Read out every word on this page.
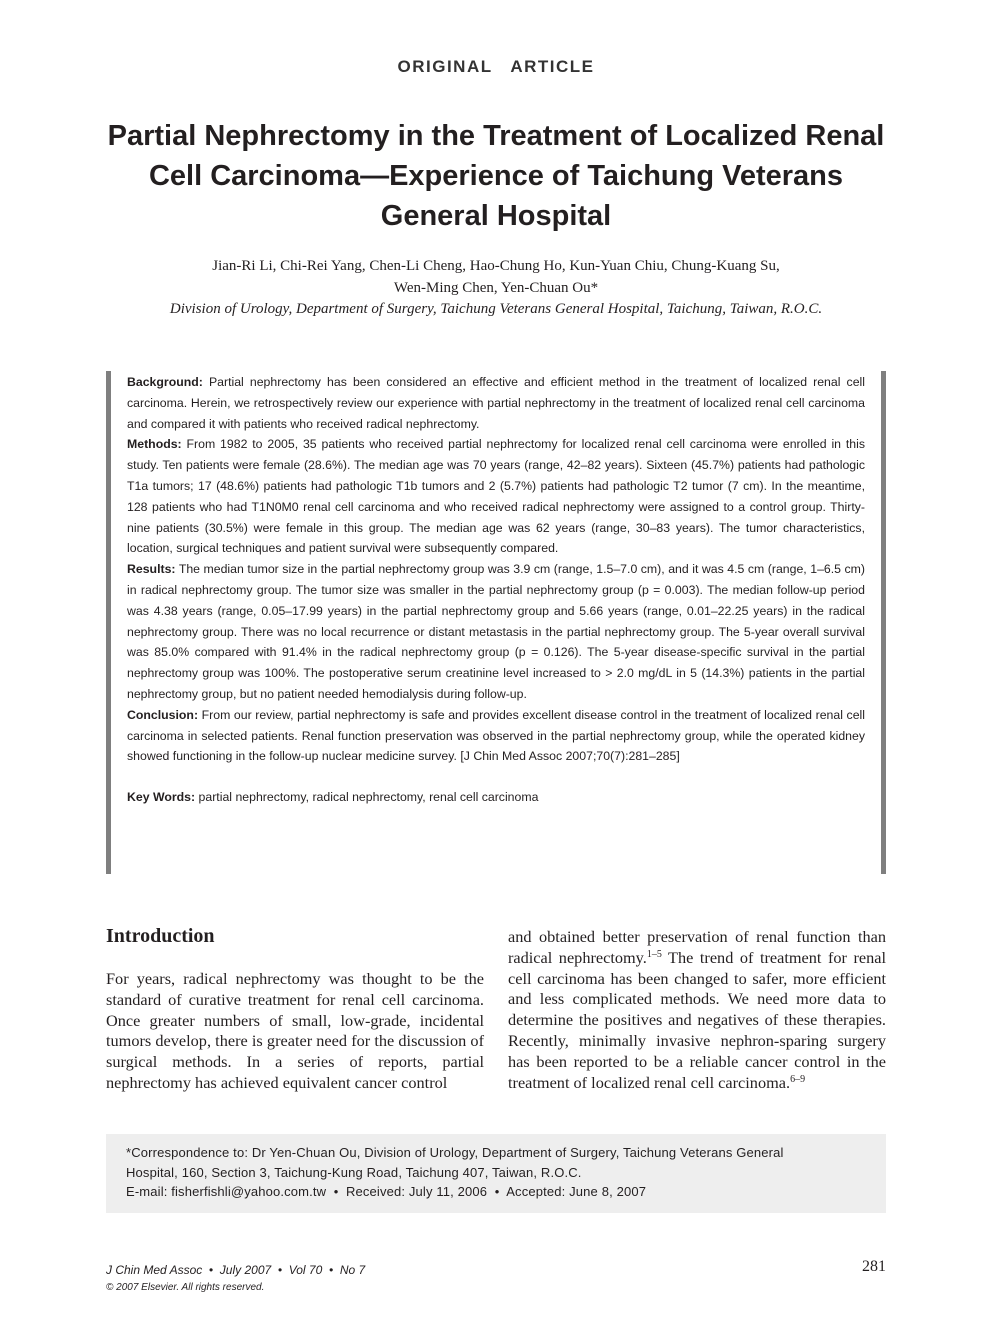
ORIGINAL   ARTICLE
Partial Nephrectomy in the Treatment of Localized Renal Cell Carcinoma—Experience of Taichung Veterans General Hospital
Jian-Ri Li, Chi-Rei Yang, Chen-Li Cheng, Hao-Chung Ho, Kun-Yuan Chiu, Chung-Kuang Su,
Wen-Ming Chen, Yen-Chuan Ou*
Division of Urology, Department of Surgery, Taichung Veterans General Hospital, Taichung, Taiwan, R.O.C.

Background: Partial nephrectomy has been considered an effective and efficient method in the treatment of localized renal cell carcinoma. Herein, we retrospectively review our experience with partial nephrectomy in the treatment of localized renal cell carcinoma and compared it with patients who received radical nephrectomy.

Methods: From 1982 to 2005, 35 patients who received partial nephrectomy for localized renal cell carcinoma were enrolled in this study. Ten patients were female (28.6%). The median age was 70 years (range, 42–82 years). Sixteen (45.7%) patients had pathologic T1a tumors; 17 (48.6%) patients had pathologic T1b tumors and 2 (5.7%) patients had pathologic T2 tumor (7 cm). In the meantime, 128 patients who had T1N0M0 renal cell carcinoma and who received radical nephrectomy were assigned to a control group. Thirty-nine patients (30.5%) were female in this group. The median age was 62 years (range, 30–83 years). The tumor characteristics, location, surgical techniques and patient survival were subsequently compared.

Results: The median tumor size in the partial nephrectomy group was 3.9 cm (range, 1.5–7.0 cm), and it was 4.5 cm (range, 1–6.5 cm) in radical nephrectomy group. The tumor size was smaller in the partial nephrectomy group (p = 0.003). The median follow-up period was 4.38 years (range, 0.05–17.99 years) in the partial nephrectomy group and 5.66 years (range, 0.01–22.25 years) in the radical nephrectomy group. There was no local recurrence or distant metastasis in the partial nephrectomy group. The 5-year overall survival was 85.0% compared with 91.4% in the radical nephrectomy group (p = 0.126). The 5-year disease-specific survival in the partial nephrectomy group was 100%. The postoperative serum creatinine level increased to > 2.0 mg/dL in 5 (14.3%) patients in the partial nephrectomy group, but no patient needed hemodialysis during follow-up.

Conclusion: From our review, partial nephrectomy is safe and provides excellent disease control in the treatment of localized renal cell carcinoma in selected patients. Renal function preservation was observed in the partial nephrectomy group, while the operated kidney showed functioning in the follow-up nuclear medicine survey. [J Chin Med Assoc 2007;70(7):281–285]

Key Words: partial nephrectomy, radical nephrectomy, renal cell carcinoma

Introduction

For years, radical nephrectomy was thought to be the standard of curative treatment for renal cell carcinoma. Once greater numbers of small, low-grade, incidental tumors develop, there is greater need for the discussion of surgical methods. In a series of reports, partial nephrectomy has achieved equivalent cancer control

and obtained better preservation of renal function than radical nephrectomy.$^{1-5}$ The trend of treatment for renal cell carcinoma has been changed to safer, more efficient and less complicated methods. We need more data to determine the positives and negatives of these therapies. Recently, minimally invasive nephron-sparing surgery has been reported to be a reliable cancer control in the treatment of localized renal cell carcinoma.$^{6-9}$

*Correspondence to: Dr Yen-Chuan Ou, Division of Urology, Department of Surgery, Taichung Veterans General

Hospital, 160, Section 3, Taichung-Kung Road, Taichung 407, Taiwan, R.O.C.

E-mail: fisherfishli@yahoo.com.tw  •  Received: July 11, 2006  •  Accepted: June 8, 2007

J Chin Med Assoc  •  July 2007  •  Vol 70  •  No 7
© 2007 Elsevier. All rights reserved.
281
